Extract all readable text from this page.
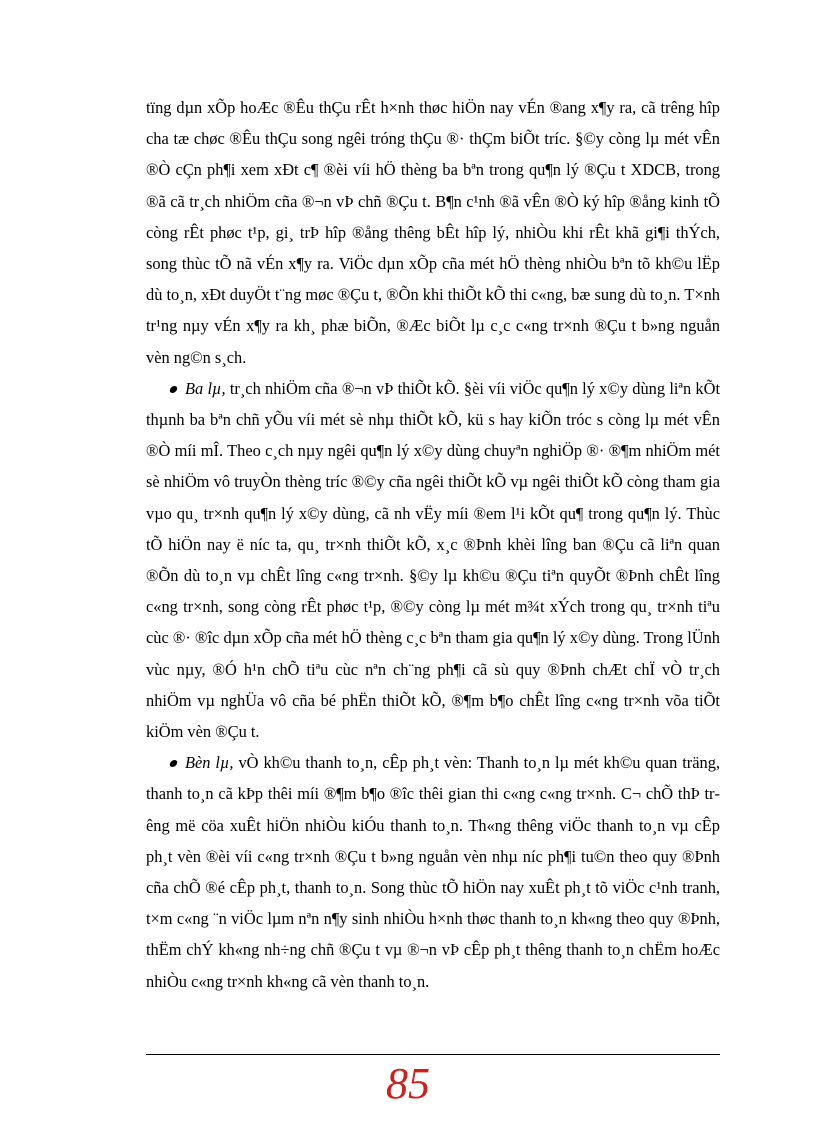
tïng dµn xÕp hoÆc ®Êu thÇu rÊt h×nh thøc hiÖn nay vÉn ®ang x¶y ra, cã trêng hîp cha tæ chøc ®Êu thÇu song ngêi tróng thÇu ®· thÇm biÕt tríc. §©y còng lµ mét vÊn ®Ò cÇn ph¶i xem xÐt c¶ ®èi víi hÖ thèng ba bªn trong qu¶n lý ®Çu t XDCB, trong ®ã cã tr¸ch nhiÖm cña ®¬n vÞ chñ ®Çu t. B¶n c¹nh ®ã vÊn ®Ò ký hîp ®ång kinh tÕ còng rÊt phøc t¹p, gi¸ trÞ hîp ®ång thêng bÊt hîp lý, nhiÒu khi rÊt khã gi¶i thÝch, song thùc tÕ nã vÉn x¶y ra. ViÖc dµn xÕp cña mét hÖ thèng nhiÒu bªn tõ kh©u lËp dù to¸n, xÐt duyÖt t¨ng møc ®Çu t, ®Õn khi thiÕt kÕ thi c«ng, bæ sung dù to¸n. T×nh tr¹ng nµy vÉn x¶y ra kh¸ phæ biÕn, ®Æc biÕt lµ c¸c c«ng tr×nh ®Çu t b»ng nguån vèn ng©n s¸ch.

Ba lµ, tr¸ch nhiÖm cña ®¬n vÞ thiÕt kÕ. §èi víi viÖc qu¶n lý x©y dùng liªn kÕt thµnh ba bªn chñ yÕu víi mét sè nhµ thiÕt kÕ, kü s hay kiÕn tróc s còng lµ mét vÊn ®Ò míi mÎ. Theo c¸ch nµy ngêi qu¶n lý x©y dùng chuyªn nghiÖp ®· ®¶m nhiÖm mét sè nhiÖm vô truyÒn thèng tríc ®©y cña ngêi thiÕt kÕ vµ ngêi thiÕt kÕ còng tham gia vµo qu¸ tr×nh qu¶n lý x©y dùng, cã nh vËy míi ®em l¹i kÕt qu¶ trong qu¶n lý. Thùc tÕ hiÖn nay ë níc ta, qu¸ tr×nh thiÕt kÕ, x¸c ®Þnh khèi lîng ban ®Çu cã liªn quan ®Õn dù to¸n vµ chÊt lîng c«ng tr×nh. §©y lµ kh©u ®Çu tiªn quyÕt ®Þnh chÊt lîng c«ng tr×nh, song còng rÊt phøc t¹p, ®©y còng lµ mét m¾t xÝch trong qu¸ tr×nh tiªu cùc ®· ®îc dµn xÕp cña mét hÖ thèng c¸c bªn tham gia qu¶n lý x©y dùng. Trong lÜnh vùc nµy, ®Ó h¹n chÕ tiªu cùc nªn ch¨ng ph¶i cã sù quy ®Þnh chÆt chÏ vÒ tr¸ch nhiÖm vµ nghÜa vô cña bé phËn thiÕt kÕ, ®¶m b¶o chÊt lîng c«ng tr×nh võa tiÕt kiÖm vèn ®Çu t.

Bèn lµ, vÒ kh©u thanh to¸n, cÊp ph¸t vèn: Thanh to¸n lµ mét kh©u quan träng, thanh to¸n cã kÞp thêi míi ®¶m b¶o ®îc thêi gian thi c«ng c«ng tr×nh. C¬ chÕ thÞ trêng më cöa xuÊt hiÖn nhiÒu kiÓu thanh to¸n. Th«ng thêng viÖc thanh to¸n vµ cÊp ph¸t vèn ®èi víi c«ng tr×nh ®Çu t b»ng nguån vèn nhµ níc ph¶i tu©n theo quy ®Þnh cña chÕ ®é cÊp ph¸t, thanh to¸n. Song thùc tÕ hiÖn nay xuÊt ph¸t tõ viÖc c¹nh tranh, t×m c«ng ¨n viÖc lµm nªn n¶y sinh nhiÒu h×nh thøc thanh to¸n kh«ng theo quy ®Þnh, thËm chÝ kh«ng nh÷ng chñ ®Çu t vµ ®¬n vÞ cÊp ph¸t thêng thanh to¸n chËm hoÆc nhiÒu c«ng tr×nh kh«ng cã vèn thanh to¸n.

85
